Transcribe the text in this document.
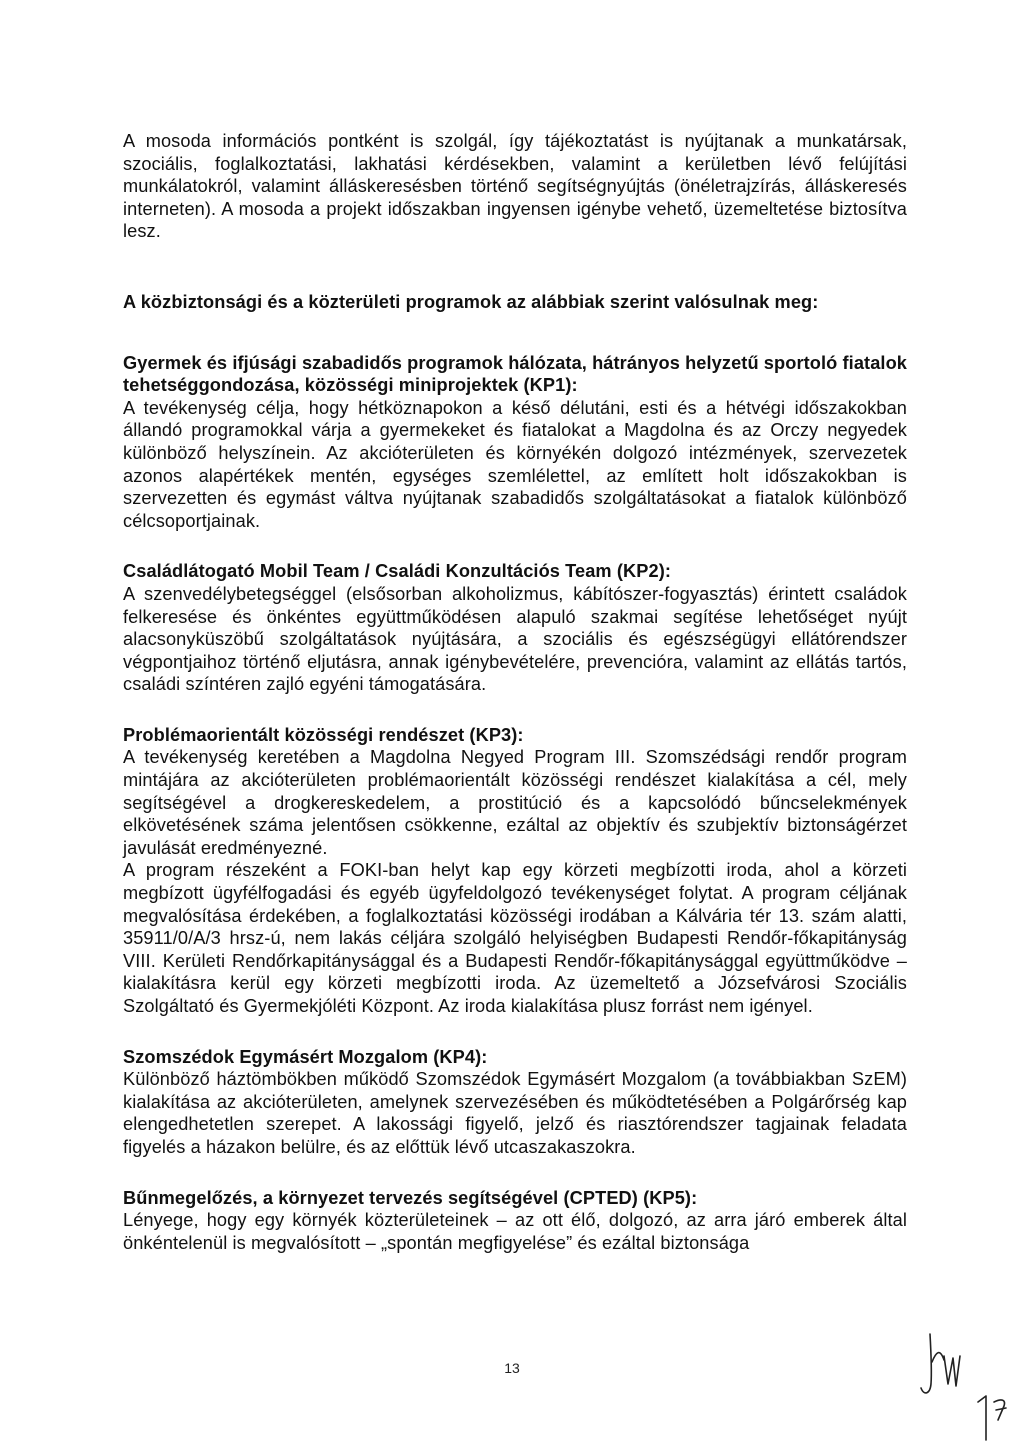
A mosoda információs pontként is szolgál, így tájékoztatást is nyújtanak a munkatársak, szociális, foglalkoztatási, lakhatási kérdésekben, valamint a kerületben lévő felújítási munkálatokról, valamint álláskeresésben történő segítségnyújtás (önéletrajzírás, álláskeresés interneten). A mosoda a projekt időszakban ingyensen igénybe vehető, üzemeltetése biztosítva lesz.

A közbiztonsági és a közterületi programok az alábbiak szerint valósulnak meg:

Gyermek és ifjúsági szabadidős programok hálózata, hátrányos helyzetű sportoló fiatalok tehetséggondozása, közösségi miniprojektek (KP1):

A tevékenység célja, hogy hétköznapokon a késő délutáni, esti és a hétvégi időszakokban állandó programokkal várja a gyermekeket és fiatalokat a Magdolna és az Orczy negyedek különböző helyszínein. Az akcióterületen és környékén dolgozó intézmények, szervezetek azonos alapértékek mentén, egységes szemlélettel, az említett holt időszakokban is szervezetten és egymást váltva nyújtanak szabadidős szolgáltatásokat a fiatalok különböző célcsoportjainak.

Családlátogató Mobil Team / Családi Konzultációs Team (KP2):

A szenvedélybetegséggel (elsősorban alkoholizmus, kábítószer-fogyasztás) érintett családok felkeresése és önkéntes együttműködésen alapuló szakmai segítése lehetőséget nyújt alacsonyküszöbű szolgáltatások nyújtására, a szociális és egészségügyi ellátórendszer végpontjaihoz történő eljutásra, annak igénybevételére, prevencióra, valamint az ellátás tartós, családi színtéren zajló egyéni támogatására.

Problémaorientált közösségi rendészet (KP3):

A tevékenység keretében a Magdolna Negyed Program III. Szomszédsági rendőr program mintájára az akcióterületen problémaorientált közösségi rendészet kialakítása a cél, mely segítségével a drogkereskedelem, a prostitúció és a kapcsolódó bűncselekmények elkövetésének száma jelentősen csökkenne, ezáltal az objektív és szubjektív biztonságérzet javulását eredményezné.

A program részeként a FOKI-ban helyt kap egy körzeti megbízotti iroda, ahol a körzeti megbízott ügyfélfogadási és egyéb ügyfeldolgozó tevékenységet folytat. A program céljának megvalósítása érdekében, a foglalkoztatási közösségi irodában a Kálvária tér 13. szám alatti, 35911/0/A/3 hrsz-ú, nem lakás céljára szolgáló helyiségben Budapesti Rendőr-főkapitányság VIII. Kerületi Rendőrkapitánysággal és a Budapesti Rendőr-főkapitánysággal együttműködve – kialakításra kerül egy körzeti megbízotti iroda. Az üzemeltető a Józsefvárosi Szociális Szolgáltató és Gyermekjóléti Központ. Az iroda kialakítása plusz forrást nem igényel.

Szomszédok Egymásért Mozgalom (KP4):

Különböző háztömbökben működő Szomszédok Egymásért Mozgalom (a továbbiakban SzEM) kialakítása az akcióterületen, amelynek szervezésében és működtetésében a Polgárőrség kap elengedhetetlen szerepet. A lakossági figyelő, jelző és riasztórendszer tagjainak feladata figyelés a házakon belülre, és az előttük lévő utcaszakaszokra.

Bűnmegelőzés, a környezet tervezés segítségével (CPTED) (KP5):

Lényege, hogy egy környék közterületeinek – az ott élő, dolgozó, az arra járó emberek által önkéntelenül is megvalósított – „spontán megfigyelése” és ezáltal biztonsága

13
